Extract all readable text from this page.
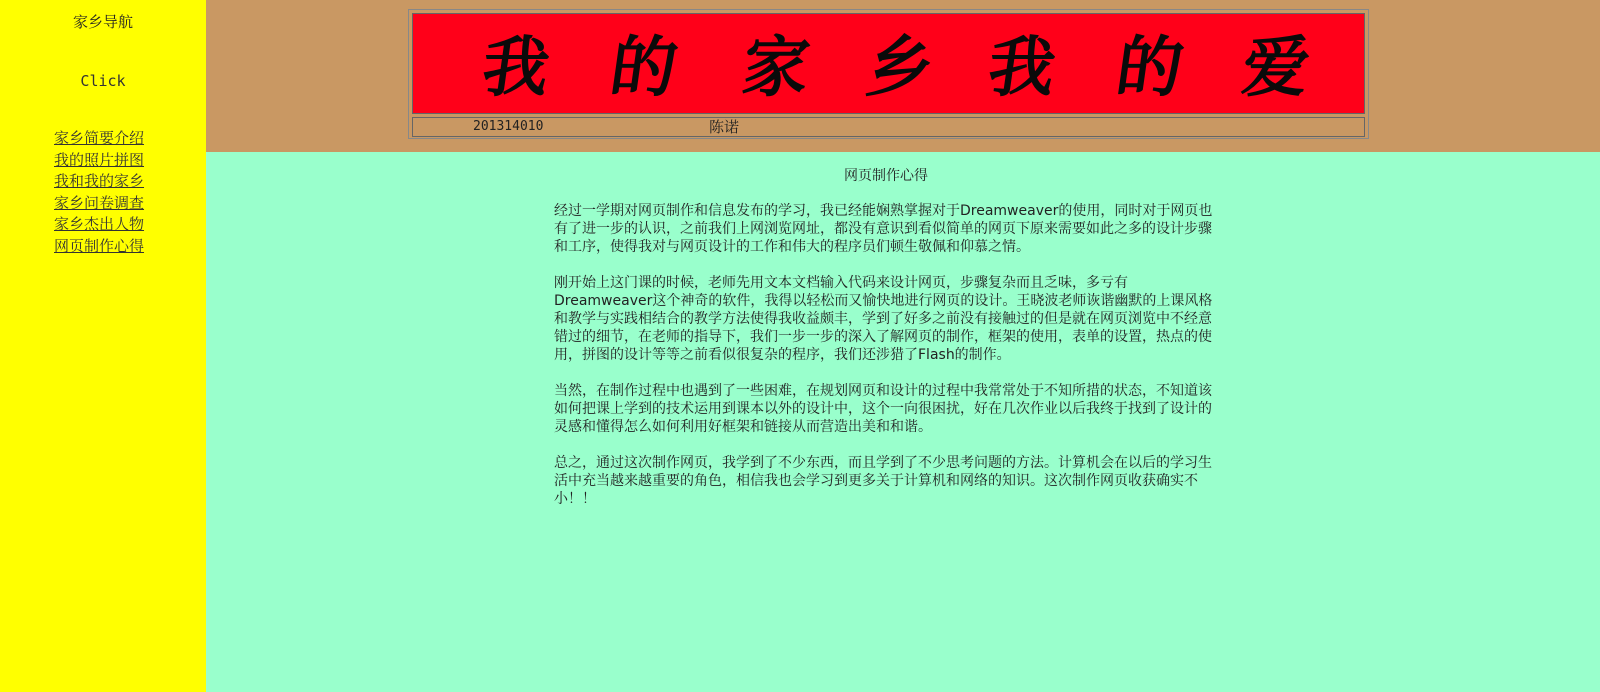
家乡导航
Click
家乡简要介绍
我的照片拼图
我和我的家乡
家乡问卷调查
家乡杰出人物
网页制作心得
我 的 家 乡 我 的 爱
201314010	陈诺
网页制作心得

经过一学期对网页制作和信息发布的学习，我已经能娴熟掌握对于Dreamweaver的使用，同时对于网页也有了进一步的认识，之前我们上网浏览网址，都没有意识到看似简单的网页下原来需要如此之多的设计步骤和工序，使得我对与网页设计的工作和伟大的程序员们顿生敬佩和仰慕之情。

刚开始上这门课的时候，老师先用文本文档输入代码来设计网页，步骤复杂而且乏味，多亏有Dreamweaver这个神奇的软件，我得以轻松而又愉快地进行网页的设计。王晓波老师诙谐幽默的上课风格和教学与实践相结合的教学方法使得我收益颇丰，学到了好多之前没有接触过的但是就在网页浏览中不经意错过的细节，在老师的指导下，我们一步一步的深入了解网页的制作，框架的使用，表单的设置，热点的使用，拼图的设计等等之前看似很复杂的程序，我们还涉猎了Flash的制作。

当然，在制作过程中也遇到了一些困难，在规划网页和设计的过程中我常常处于不知所措的状态，不知道该如何把课上学到的技术运用到课本以外的设计中，这个一向很困扰，好在几次作业以后我终于找到了设计的灵感和懂得怎么如何利用好框架和链接从而营造出美和和谐。

总之，通过这次制作网页，我学到了不少东西，而且学到了不少思考问题的方法。计算机会在以后的学习生活中充当越来越重要的角色，相信我也会学习到更多关于计算机和网络的知识。这次制作网页收获确实不小！！
